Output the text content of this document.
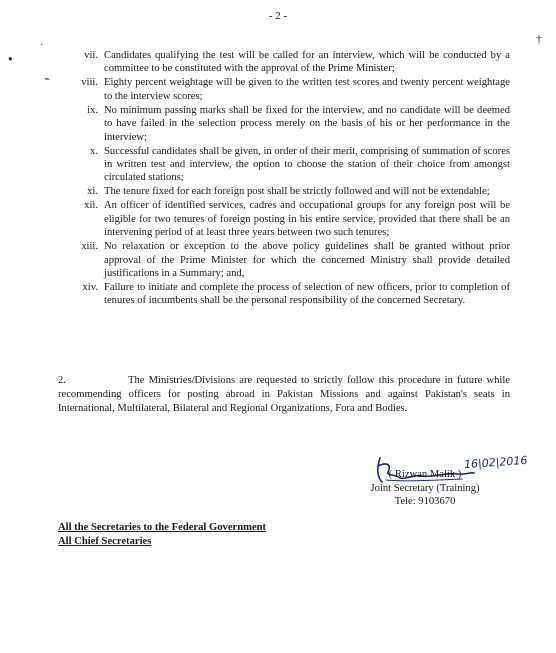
- 2 -
●
·
⌁
†
vii. Candidates qualifying the test will be called for an interview, which will be conducted by a committee to be constituted with the approval of the Prime Minister;
viii. Eighty percent weightage will be given to the written test scores and twenty percent weightage to the interview scores;
ix. No minimum passing marks shall be fixed for the interview, and no candidate will be deemed to have failed in the selection process merely on the basis of his or her performance in the interview;
x. Successful candidates shall be given, in order of their merit, comprising of summation of scores in written test and interview, the option to choose the station of their choice from amongst circulated stations;
xi. The tenure fixed for each foreign post shall be strictly followed and will not be extendable;
xii. An officer of identified services, cadres and occupational groups for any foreign post will be eligible for two tenures of foreign posting in his entire service, provided that there shall be an intervening period of at least three years between two such tenures;
xiii. No relaxation or exception to the above policy guidelines shall be granted without prior approval of the Prime Minister for which the concerned Ministry shall provide detailed justifications in a Summary; and,
xiv. Failure to initiate and complete the process of selection of new officers, prior to completion of tenures of incumbents shall be the personal responsibility of the concerned Secretary.
2.	The Ministries/Divisions are requested to strictly follow this procedure in future while recommending officers for posting abroad in Pakistan Missions and against Pakistan's seats in International, Multilateral, Bilateral and Regional Organizations, Fora and Bodies.
16|02|2016
( Rizwan Malik )
Joint Secretary (Training)
Tele: 9103670
All the Secretaries to the Federal Government
All Chief Secretaries
